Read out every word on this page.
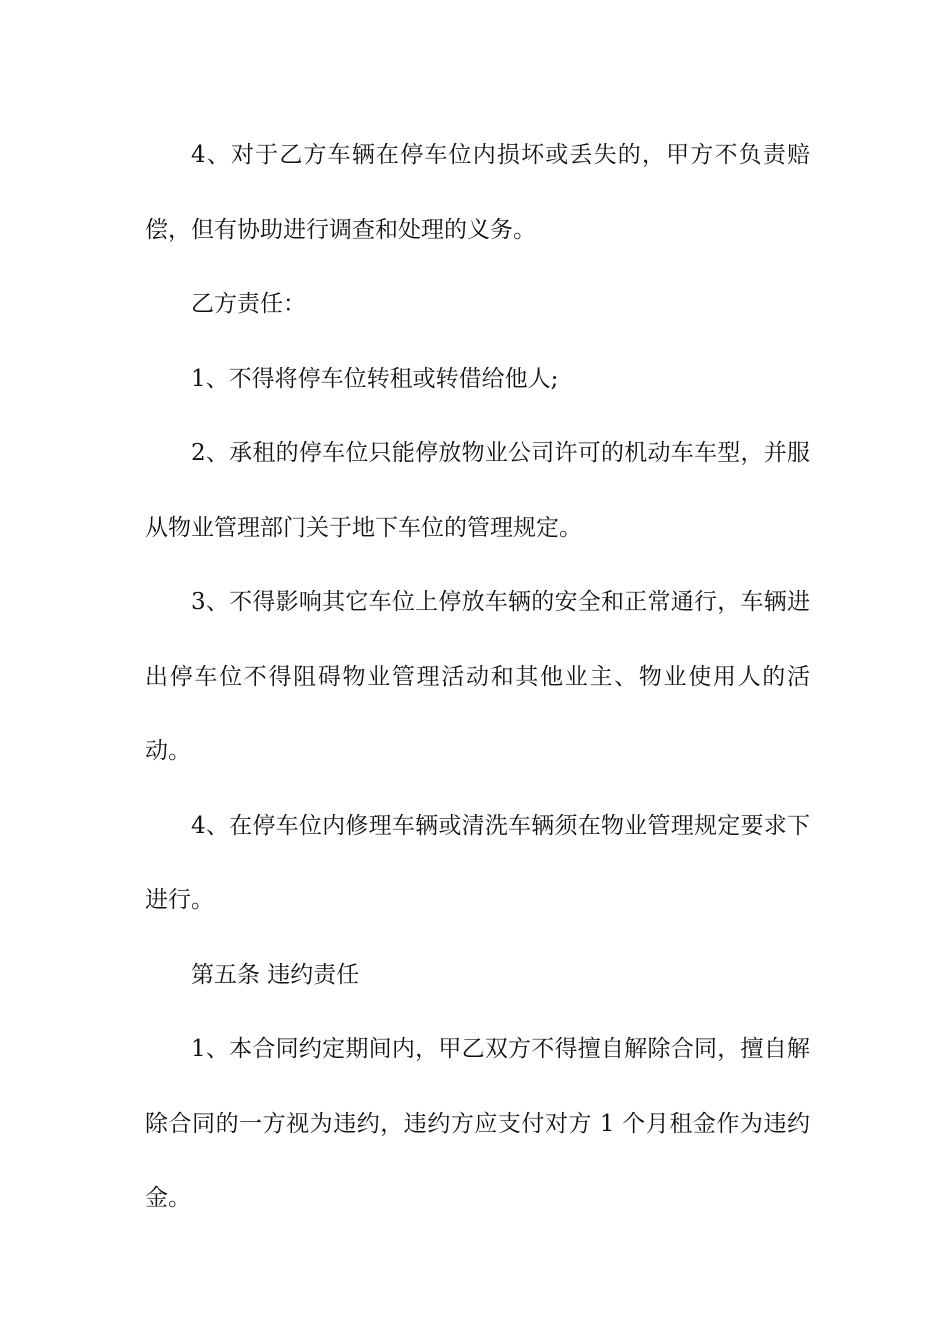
4、对于乙方车辆在停车位内损坏或丢失的，甲方不负责赔偿，但有协助进行调查和处理的义务。

乙方责任：

1、不得将停车位转租或转借给他人;

2、承租的停车位只能停放物业公司许可的机动车车型，并服从物业管理部门关于地下车位的管理规定。

3、不得影响其它车位上停放车辆的安全和正常通行，车辆进出停车位不得阻碍物业管理活动和其他业主、物业使用人的活动。

4、在停车位内修理车辆或清洗车辆须在物业管理规定要求下进行。

第五条 违约责任

1、本合同约定期间内，甲乙双方不得擅自解除合同，擅自解除合同的一方视为违约，违约方应支付对方 1 个月租金作为违约金。
